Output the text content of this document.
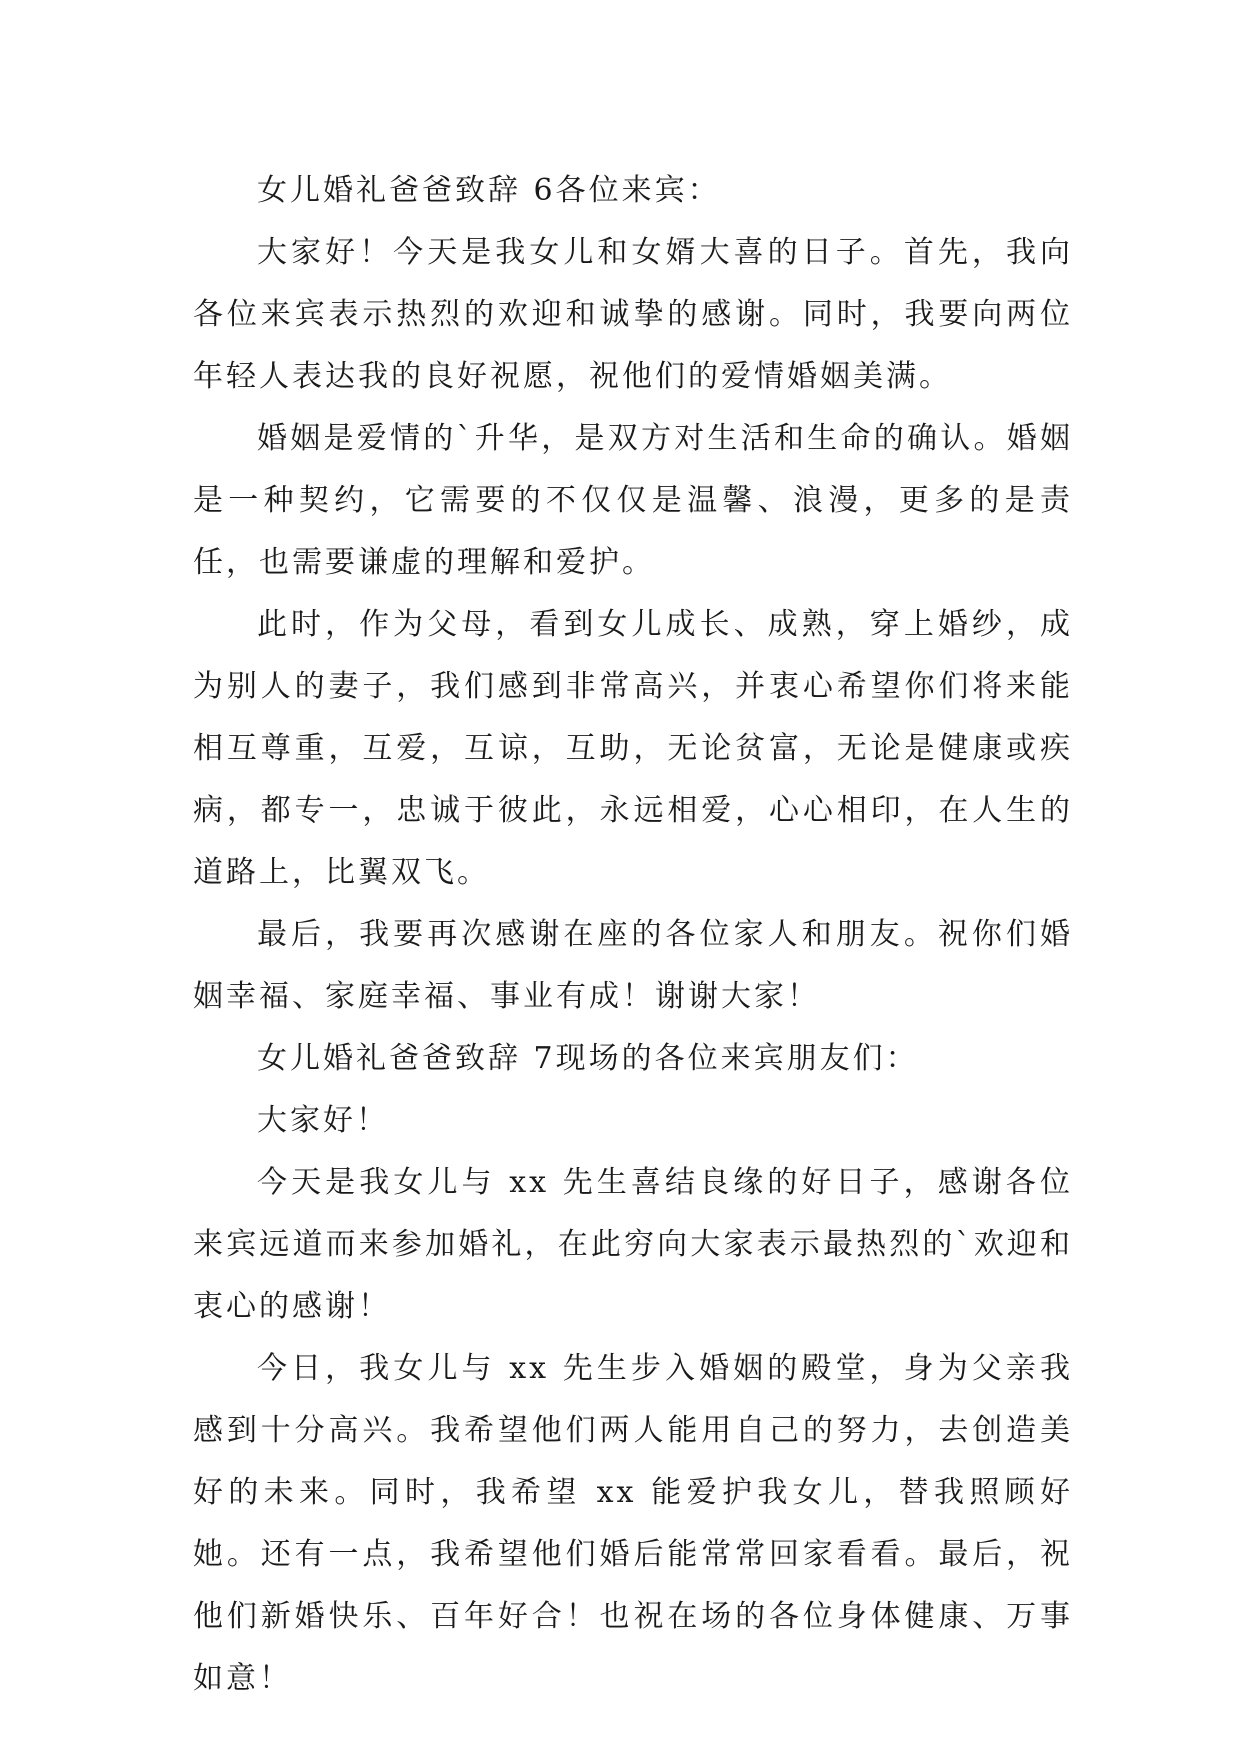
女儿婚礼爸爸致辞 6各位来宾：

大家好！今天是我女儿和女婿大喜的日子。首先，我向各位来宾表示热烈的欢迎和诚挚的感谢。同时，我要向两位年轻人表达我的良好祝愿，祝他们的爱情婚姻美满。

婚姻是爱情的`升华，是双方对生活和生命的确认。婚姻是一种契约，它需要的不仅仅是温馨、浪漫，更多的是责任，也需要谦虚的理解和爱护。

此时，作为父母，看到女儿成长、成熟，穿上婚纱，成为别人的妻子，我们感到非常高兴，并衷心希望你们将来能相互尊重，互爱，互谅，互助，无论贫富，无论是健康或疾病，都专一，忠诚于彼此，永远相爱，心心相印，在人生的道路上，比翼双飞。

最后，我要再次感谢在座的各位家人和朋友。祝你们婚姻幸福、家庭幸福、事业有成！谢谢大家！

女儿婚礼爸爸致辞 7现场的各位来宾朋友们：

大家好！

今天是我女儿与 xx 先生喜结良缘的好日子，感谢各位来宾远道而来参加婚礼，在此穷向大家表示最热烈的`欢迎和衷心的感谢！

今日，我女儿与 xx 先生步入婚姻的殿堂，身为父亲我感到十分高兴。我希望他们两人能用自己的努力，去创造美好的未来。同时，我希望 xx 能爱护我女儿，替我照顾好她。还有一点，我希望他们婚后能常常回家看看。最后，祝他们新婚快乐、百年好合！也祝在场的各位身体健康、万事如意！
